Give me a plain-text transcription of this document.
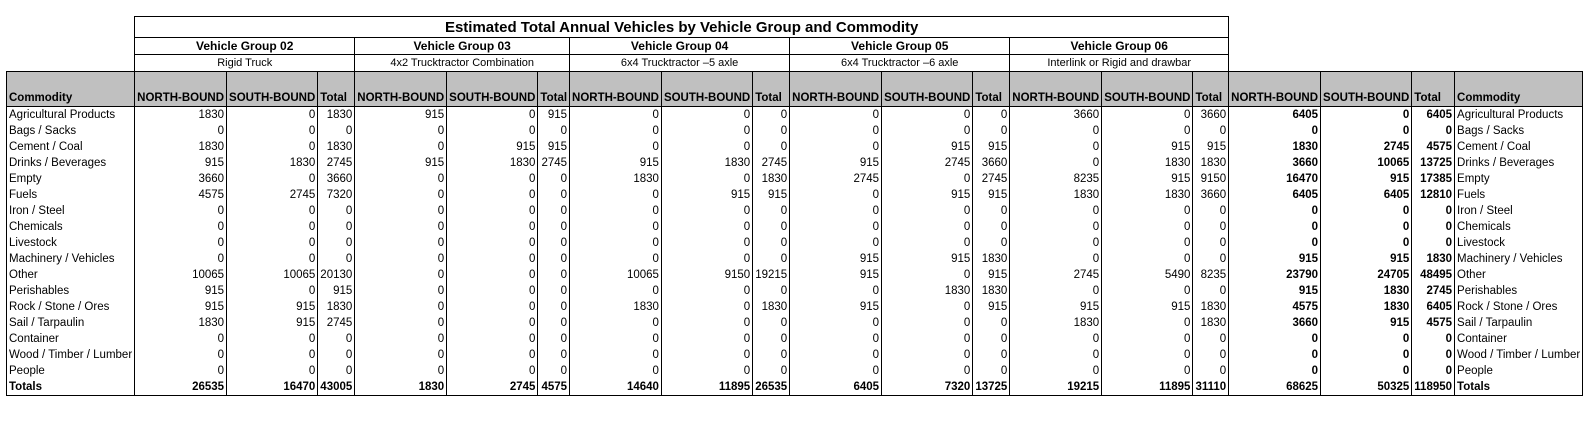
	Estimated Total Annual Vehicles by Vehicle Group and Commodity																		
	Vehicle Group 02			Vehicle Group 03			Vehicle Group 04			Vehicle Group 05			Vehicle Group 06						
	Rigid Truck			4x2 Trucktractor Combination			6x4 Trucktractor –5 axle			6x4 Trucktractor –6 axle			Interlink or Rigid and drawbar						
Commodity	NORTH-BOUND	SOUTH-BOUND	Total	NORTH-BOUND	SOUTH-BOUND	Total	NORTH-BOUND	SOUTH-BOUND	Total	NORTH-BOUND	SOUTH-BOUND	Total	NORTH-BOUND	SOUTH-BOUND	Total	NORTH-BOUND	SOUTH-BOUND	Total	Commodity
Agricultural Products	1830	0	1830	915	0	915	0	0	0	0	0	0	3660	0	3660	6405	0	6405	Agricultural Products
Bags / Sacks	0	0	0	0	0	0	0	0	0	0	0	0	0	0	0	0	0	0	Bags / Sacks
Cement / Coal	1830	0	1830	0	915	915	0	0	0	0	915	915	0	915	915	1830	2745	4575	Cement / Coal
Drinks / Beverages	915	1830	2745	915	1830	2745	915	1830	2745	915	2745	3660	0	1830	1830	3660	10065	13725	Drinks / Beverages
Empty	3660	0	3660	0	0	0	1830	0	1830	2745	0	2745	8235	915	9150	16470	915	17385	Empty
Fuels	4575	2745	7320	0	0	0	0	915	915	0	915	915	1830	1830	3660	6405	6405	12810	Fuels
Iron / Steel	0	0	0	0	0	0	0	0	0	0	0	0	0	0	0	0	0	0	Iron / Steel
Chemicals	0	0	0	0	0	0	0	0	0	0	0	0	0	0	0	0	0	0	Chemicals
Livestock	0	0	0	0	0	0	0	0	0	0	0	0	0	0	0	0	0	0	Livestock
Machinery / Vehicles	0	0	0	0	0	0	0	0	0	915	915	1830	0	0	0	915	915	1830	Machinery / Vehicles
Other	10065	10065	20130	0	0	0	10065	9150	19215	915	0	915	2745	5490	8235	23790	24705	48495	Other
Perishables	915	0	915	0	0	0	0	0	0	0	1830	1830	0	0	0	915	1830	2745	Perishables
Rock / Stone / Ores	915	915	1830	0	0	0	1830	0	1830	915	0	915	915	915	1830	4575	1830	6405	Rock / Stone / Ores
Sail / Tarpaulin	1830	915	2745	0	0	0	0	0	0	0	0	0	1830	0	1830	3660	915	4575	Sail / Tarpaulin
Container	0	0	0	0	0	0	0	0	0	0	0	0	0	0	0	0	0	0	Container
Wood / Timber / Lumber	0	0	0	0	0	0	0	0	0	0	0	0	0	0	0	0	0	0	Wood / Timber / Lumber
People	0	0	0	0	0	0	0	0	0	0	0	0	0	0	0	0	0	0	People
Totals	26535	16470	43005	1830	2745	4575	14640	11895	26535	6405	7320	13725	19215	11895	31110	68625	50325	118950	Totals
